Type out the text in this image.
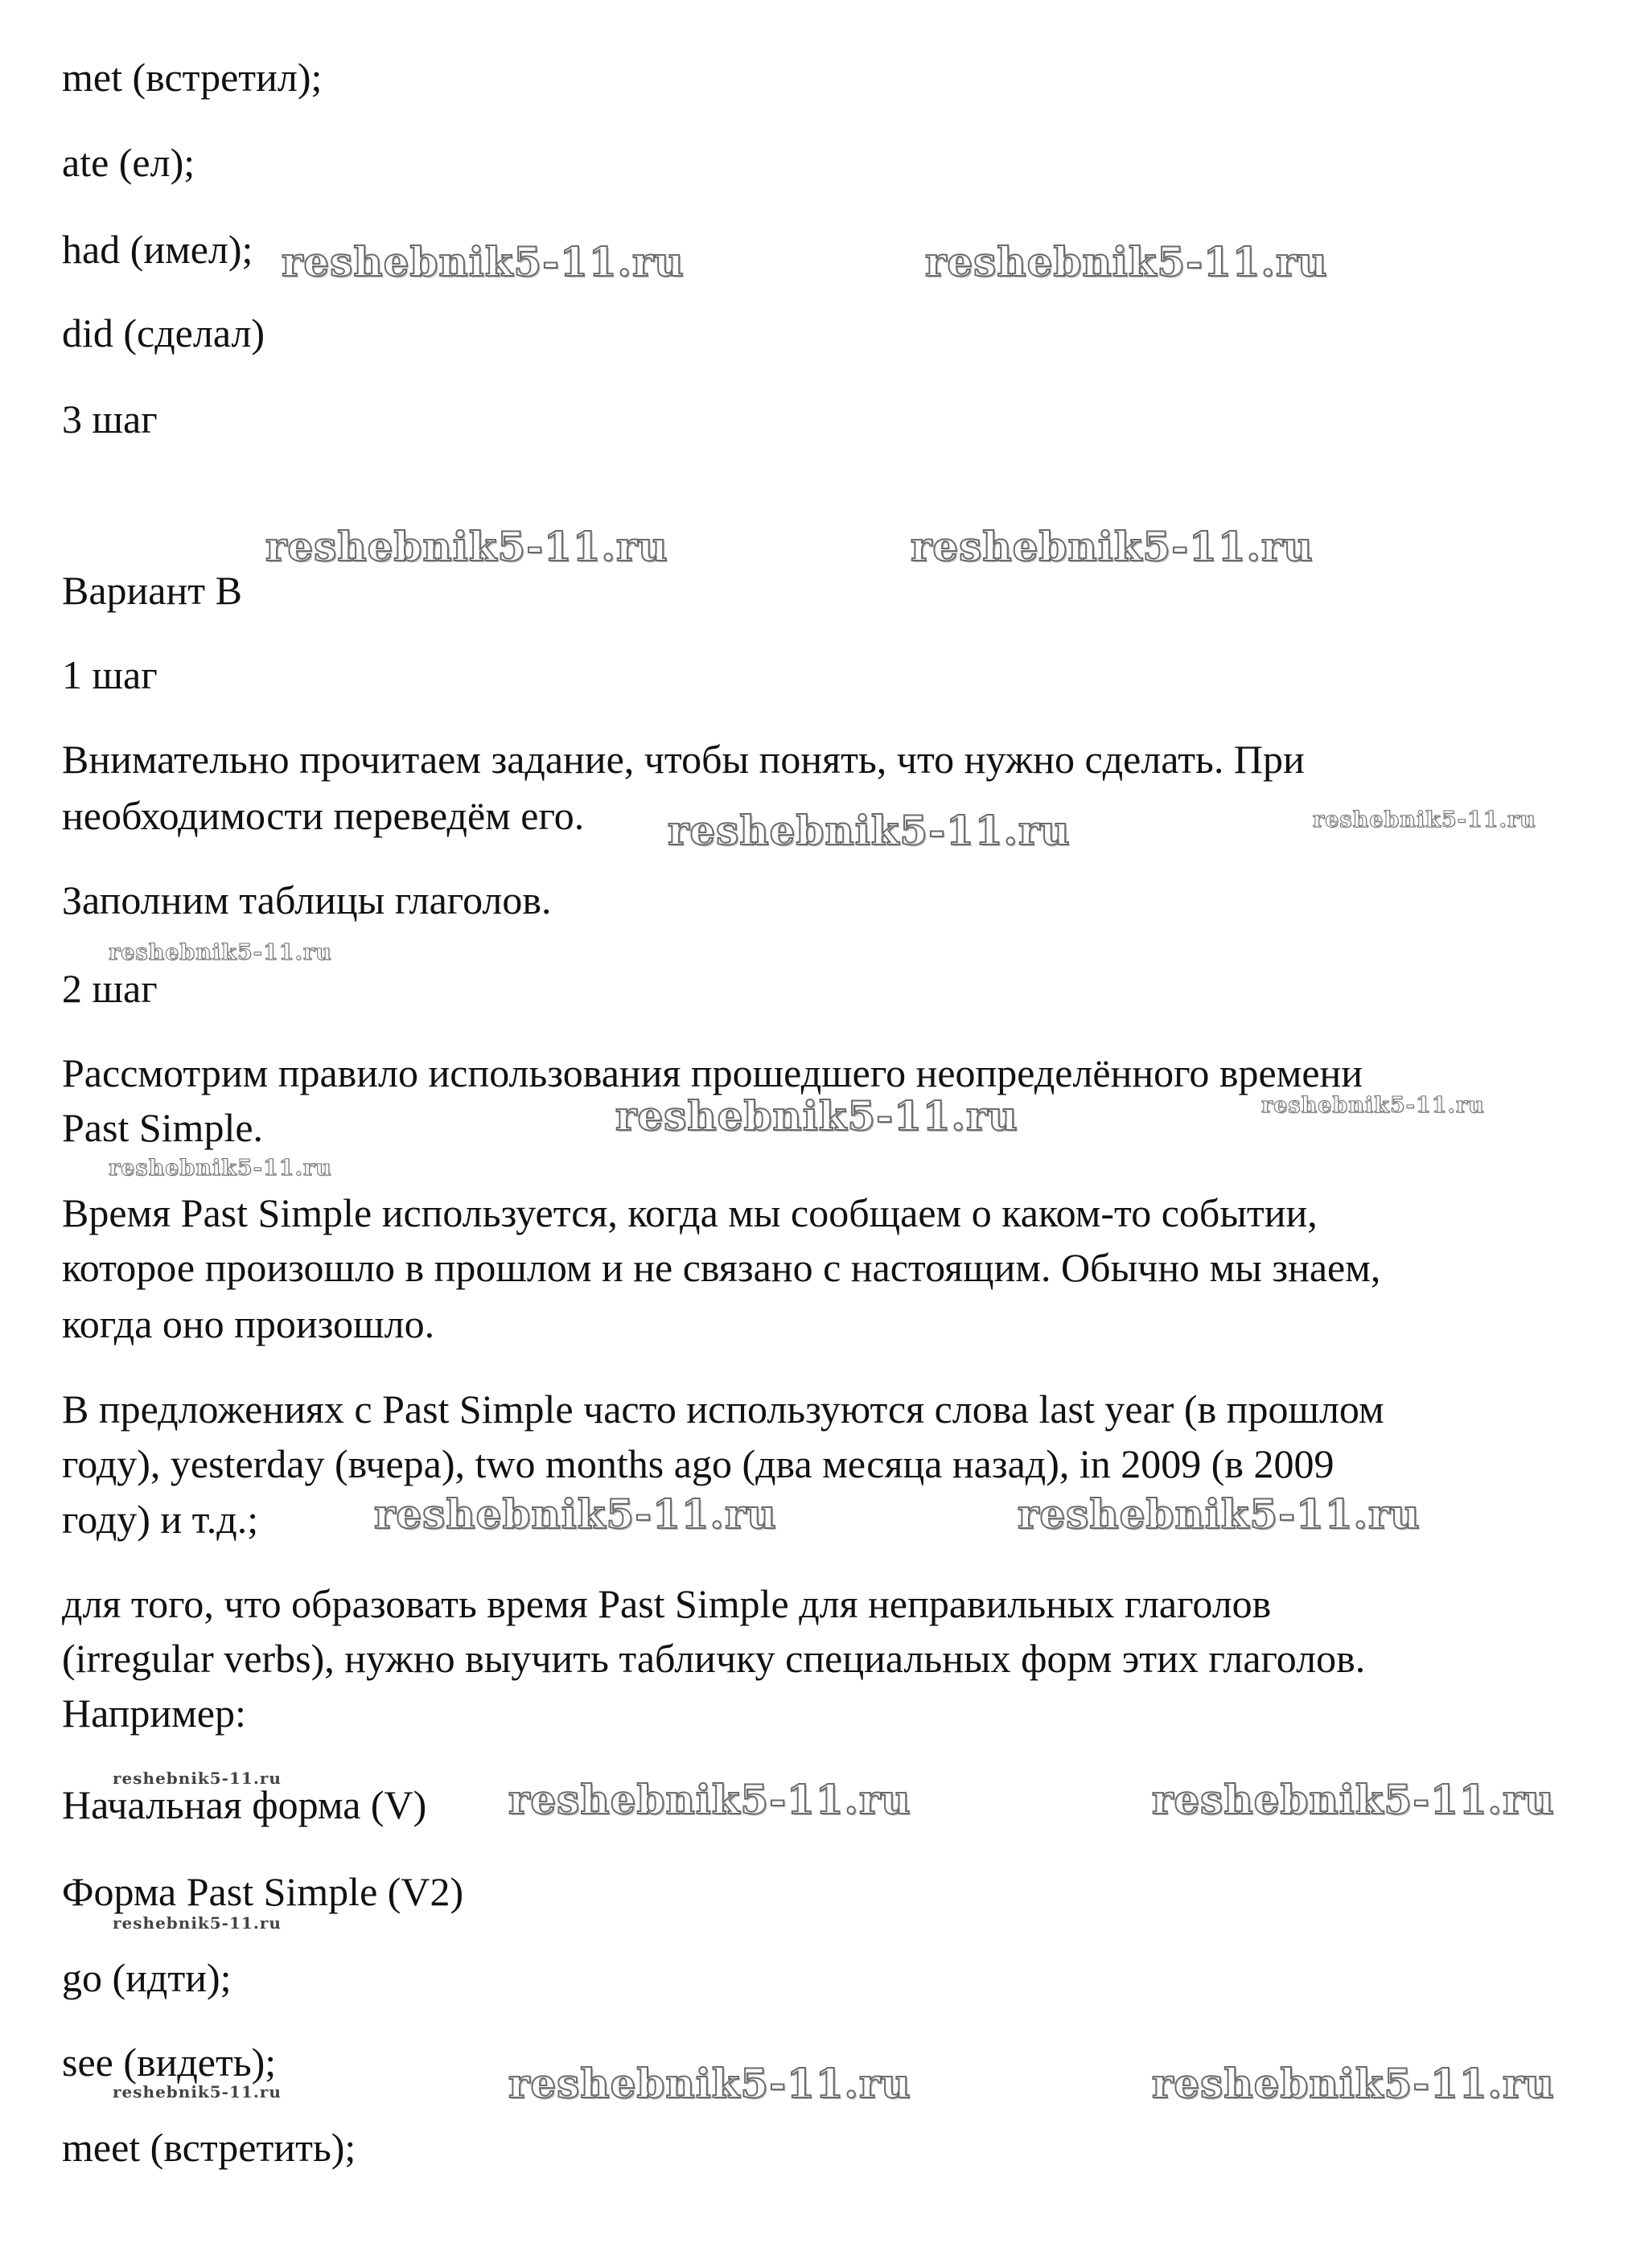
met (встретил);

ate (ел);

had (имел);

did (сделал)

3 шаг

Вариант B

1 шаг

Внимательно прочитаем задание, чтобы понять, что нужно сделать. При

необходимости переведём его.

Заполним таблицы глаголов.

2 шаг

Рассмотрим правило использования прошедшего неопределённого времени

Past Simple.

Время Past Simple используется, когда мы сообщаем о каком-то событии,

которое произошло в прошлом и не связано с настоящим. Обычно мы знаем,

когда оно произошло.

В предложениях с Past Simple часто используются слова last year (в прошлом

году), yesterday (вчера), two months ago (два месяца назад), in 2009 (в 2009

году) и т.д.;

для того, что образовать время Past Simple для неправильных глаголов

(irregular verbs), нужно выучить табличку специальных форм этих глаголов.

Например:

Начальная форма (V)

Форма Past Simple (V2)

go (идти);

see (видеть);

meet (встретить);

reshebnik5-11.ru	reshebnik5-11.ru
reshebnik5-11.ru	reshebnik5-11.ru
reshebnik5-11.ru	reshebnik5-11.ru
reshebnik5-11.ru
reshebnik5-11.ru	reshebnik5-11.ru
reshebnik5-11.ru
reshebnik5-11.ru	reshebnik5-11.ru
reshebnik5-11.ru	reshebnik5-11.ru	reshebnik5-11.ru
reshebnik5-11.ru
reshebnik5-11.ru	reshebnik5-11.ru
reshebnik5-11.ru
